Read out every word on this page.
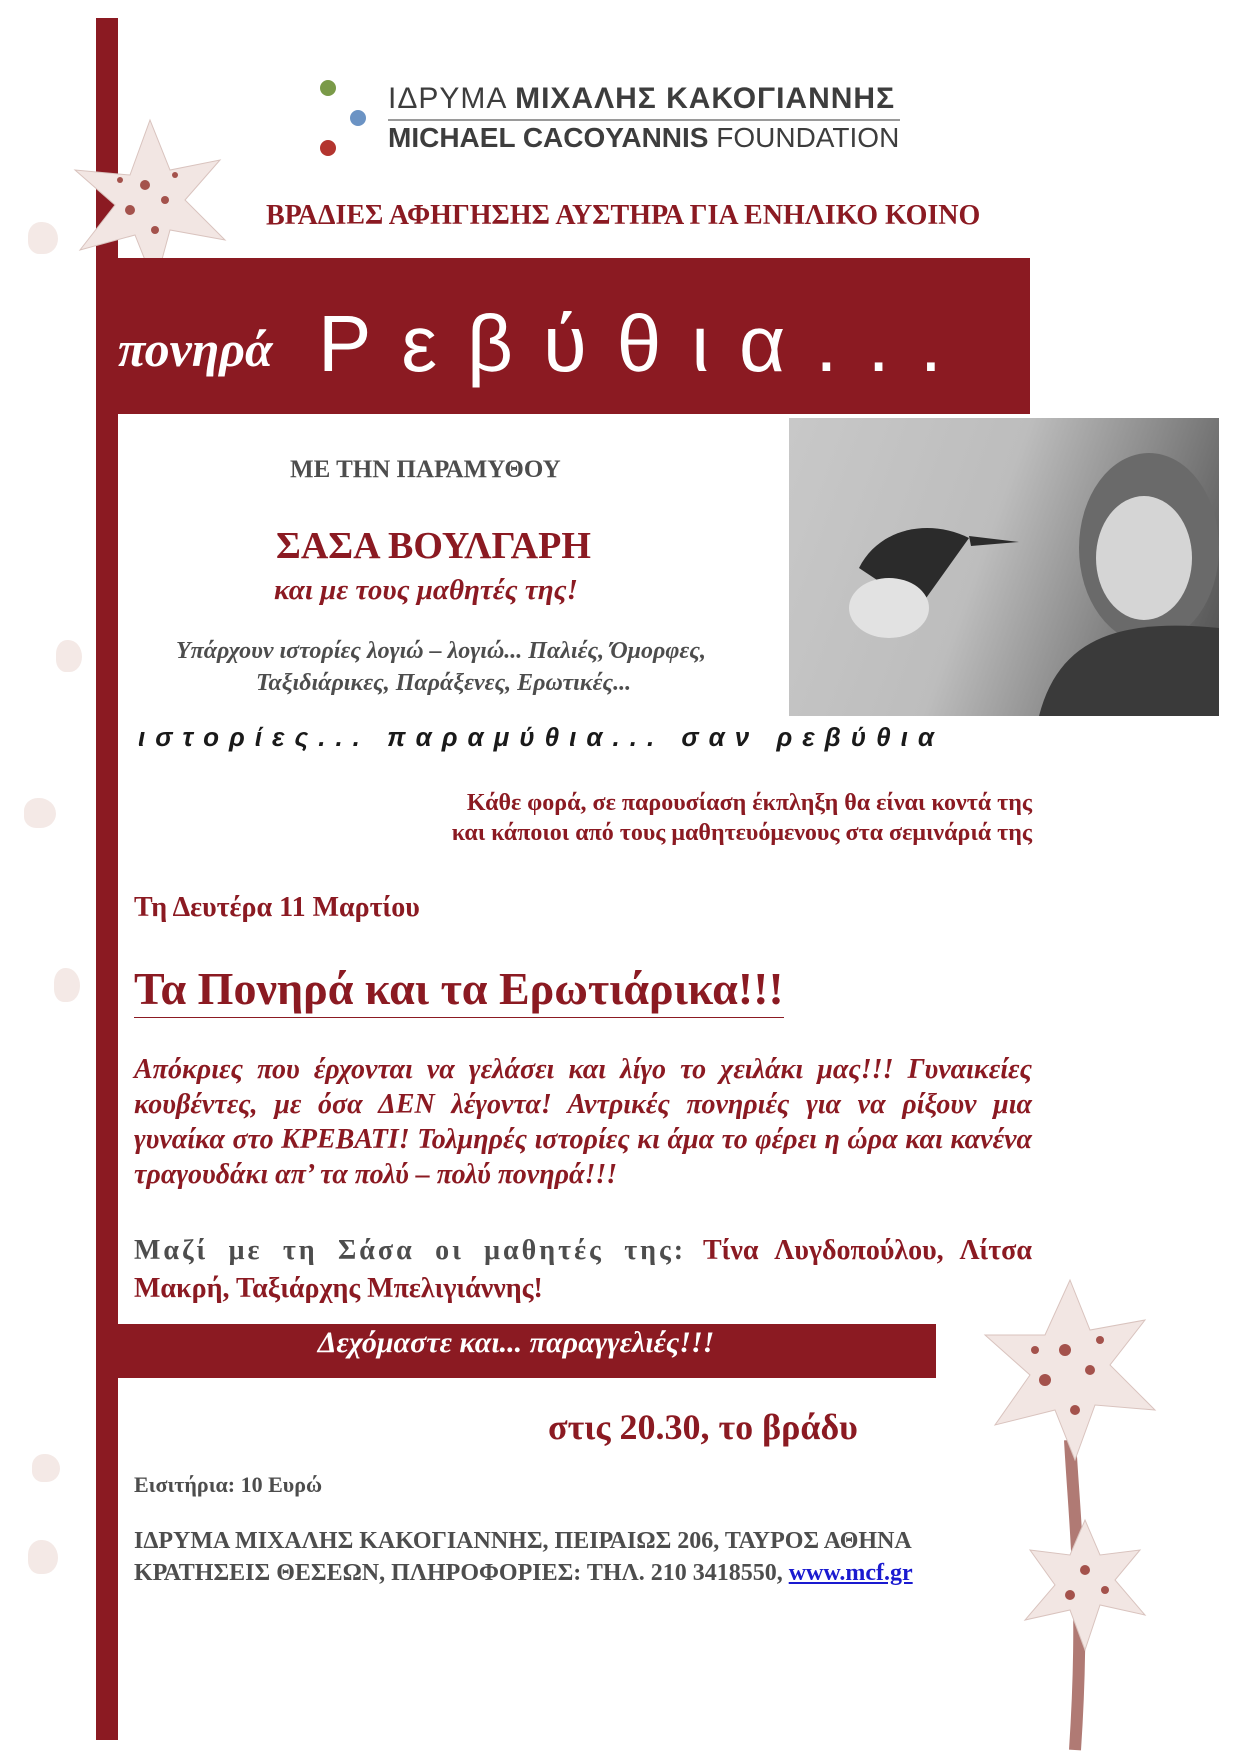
ΙΔΡΥΜΑ ΜΙΧΑΛΗΣ ΚΑΚΟΓΙΑΝΝΗΣ
MICHAEL CACOYANNIS FOUNDATION
ΒΡΑΔΙΕΣ ΑΦΗΓΗΣΗΣ ΑΥΣΤΗΡΑ ΓΙΑ ΕΝΗΛΙΚΟ ΚΟΙΝΟ
πονηρά Ρεβύθια...
ΜΕ ΤΗΝ ΠΑΡΑΜΥΘΟΥ
ΣΑΣΑ ΒΟΥΛΓΑΡΗ
και με τους μαθητές της!
Υπάρχουν ιστορίες λογιώ – λογιώ... Παλιές, Όμορφες,
Ταξιδιάρικες, Παράξενες, Ερωτικές...
ιστορίες... παραμύθια... σαν ρεβύθια
Κάθε φορά, σε παρουσίαση έκπληξη θα είναι κοντά της
και κάποιοι από τους μαθητευόμενους στα σεμινάριά της
Τη Δευτέρα 11 Μαρτίου
Τα Πονηρά και τα Ερωτιάρικα!!!
Απόκριες που έρχονται να γελάσει και λίγο το χειλάκι μας!!! Γυναικείες κουβέντες, με όσα ΔΕΝ λέγοντα! Αντρικές πονηριές για να ρίξουν μια γυναίκα στο ΚΡΕΒΑΤΙ! Τολμηρές ιστορίες κι άμα το φέρει η ώρα και κανένα τραγουδάκι απ’ τα πολύ – πολύ πονηρά!!!
Μαζί με τη Σάσα οι μαθητές της: Τίνα Λυγδοπούλου, Λίτσα Μακρή, Ταξιάρχης Μπελιγιάννης!
Δεχόμαστε και... παραγγελιές!!!
στις 20.30, το βράδυ
Εισιτήρια: 10 Ευρώ
ΙΔΡΥΜΑ ΜΙΧΑΛΗΣ ΚΑΚΟΓΙΑΝΝΗΣ, ΠΕΙΡΑΙΩΣ 206, ΤΑΥΡΟΣ ΑΘΗΝΑ
ΚΡΑΤΗΣΕΙΣ ΘΕΣΕΩΝ, ΠΛΗΡΟΦΟΡΙΕΣ: ΤΗΛ. 210 3418550, www.mcf.gr
